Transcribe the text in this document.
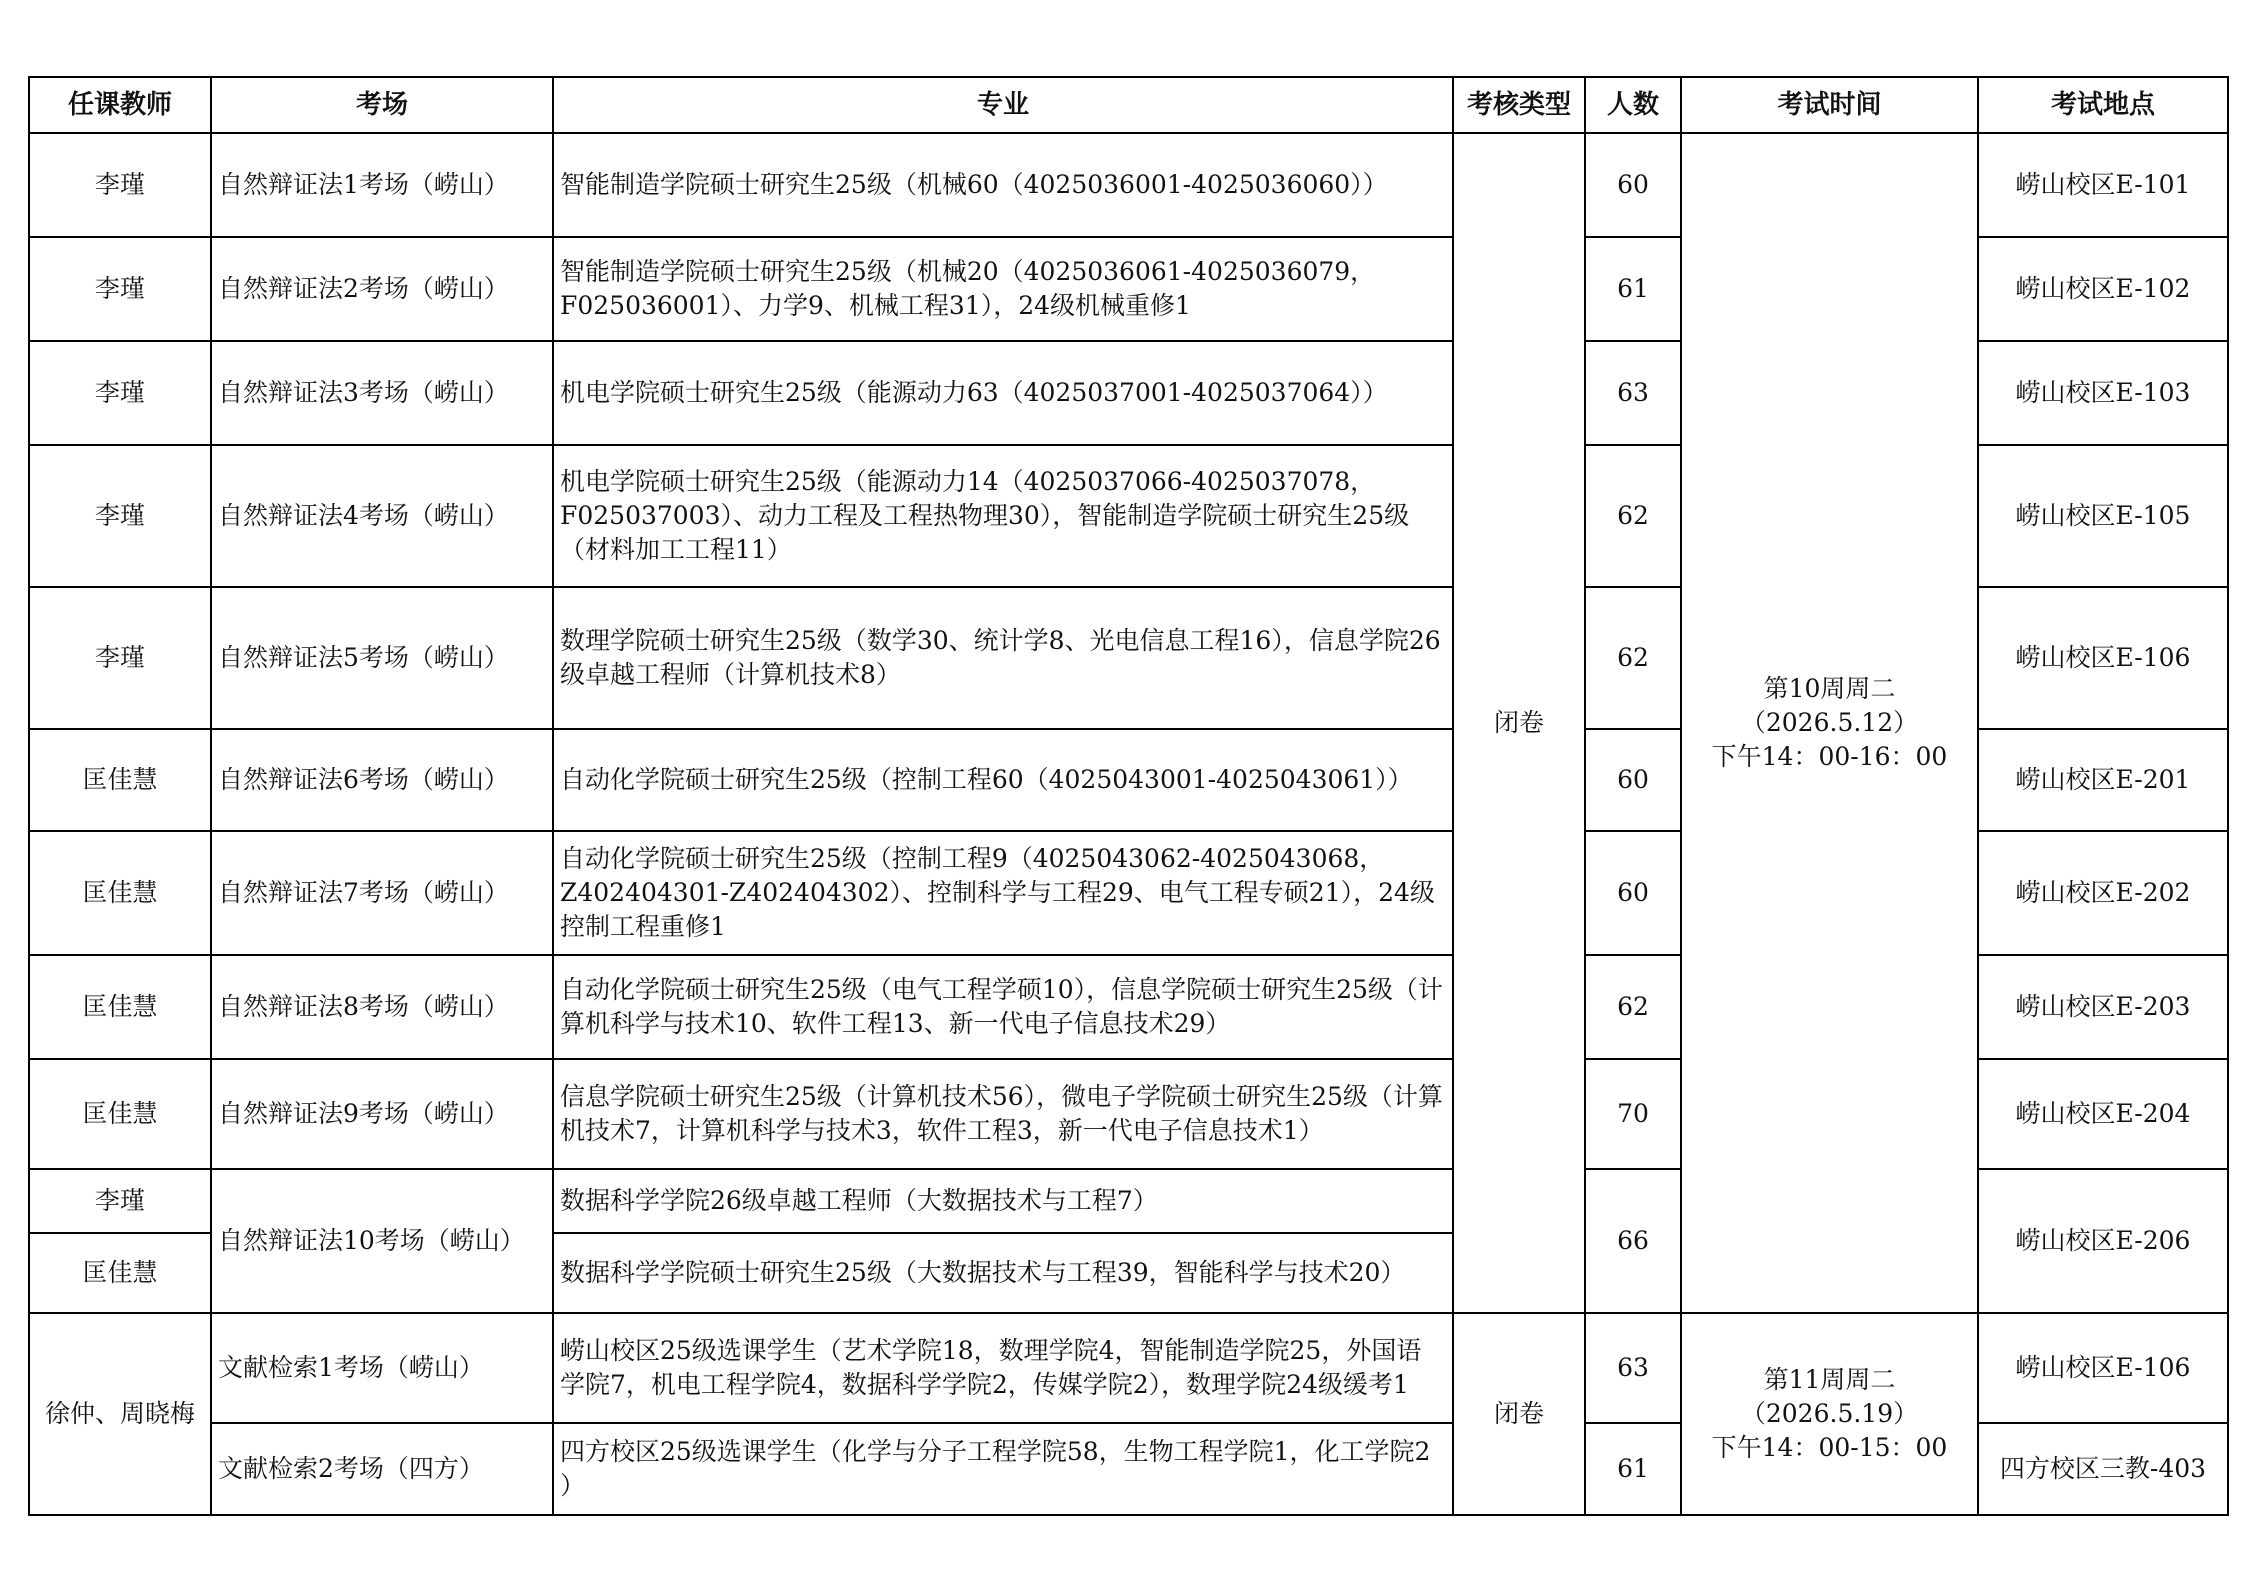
任课教师	考场	专业	考核类型	人数	考试时间	考试地点
李瑾	自然辩证法1考场（崂山）	智能制造学院硕士研究生25级（机械60（4025036001-4025036060））	闭卷	60	第10周周二
（2026.5.12）
下午14：00-16：00	崂山校区E-101
李瑾	自然辩证法2考场（崂山）	智能制造学院硕士研究生25级（机械20（4025036061-4025036079，F025036001）、力学9、机械工程31），24级机械重修1		61		崂山校区E-102
李瑾	自然辩证法3考场（崂山）	机电学院硕士研究生25级（能源动力63（4025037001-4025037064））		63		崂山校区E-103
李瑾	自然辩证法4考场（崂山）	机电学院硕士研究生25级（能源动力14（4025037066-4025037078，F025037003）、动力工程及工程热物理30），智能制造学院硕士研究生25级（材料加工工程11）		62		崂山校区E-105
李瑾	自然辩证法5考场（崂山）	数理学院硕士研究生25级（数学30、统计学8、光电信息工程16），信息学院26级卓越工程师（计算机技术8）		62		崂山校区E-106
匡佳慧	自然辩证法6考场（崂山）	自动化学院硕士研究生25级（控制工程60（4025043001-4025043061））		60		崂山校区E-201
匡佳慧	自然辩证法7考场（崂山）	自动化学院硕士研究生25级（控制工程9（4025043062-4025043068，Z402404301-Z402404302）、控制科学与工程29、电气工程专硕21），24级控制工程重修1		60		崂山校区E-202
匡佳慧	自然辩证法8考场（崂山）	自动化学院硕士研究生25级（电气工程学硕10），信息学院硕士研究生25级（计算机科学与技术10、软件工程13、新一代电子信息技术29）		62		崂山校区E-203
匡佳慧	自然辩证法9考场（崂山）	信息学院硕士研究生25级（计算机技术56），微电子学院硕士研究生25级（计算机技术7，计算机科学与技术3，软件工程3，新一代电子信息技术1）		70		崂山校区E-204
李瑾	自然辩证法10考场（崂山）	数据科学学院26级卓越工程师（大数据技术与工程7）		66		崂山校区E-206
匡佳慧		数据科学学院硕士研究生25级（大数据技术与工程39，智能科学与技术20）				
徐仲、周晓梅	文献检索1考场（崂山）	崂山校区25级选课学生（艺术学院18，数理学院4，智能制造学院25，外国语学院7，机电工程学院4，数据科学学院2，传媒学院2），数理学院24级缓考1	闭卷	63	第11周周二
（2026.5.19）
下午14：00-15：00	崂山校区E-106
	文献检索2考场（四方）	四方校区25级选课学生（化学与分子工程学院58，生物工程学院1，化工学院2 ）		61		四方校区三教-403
